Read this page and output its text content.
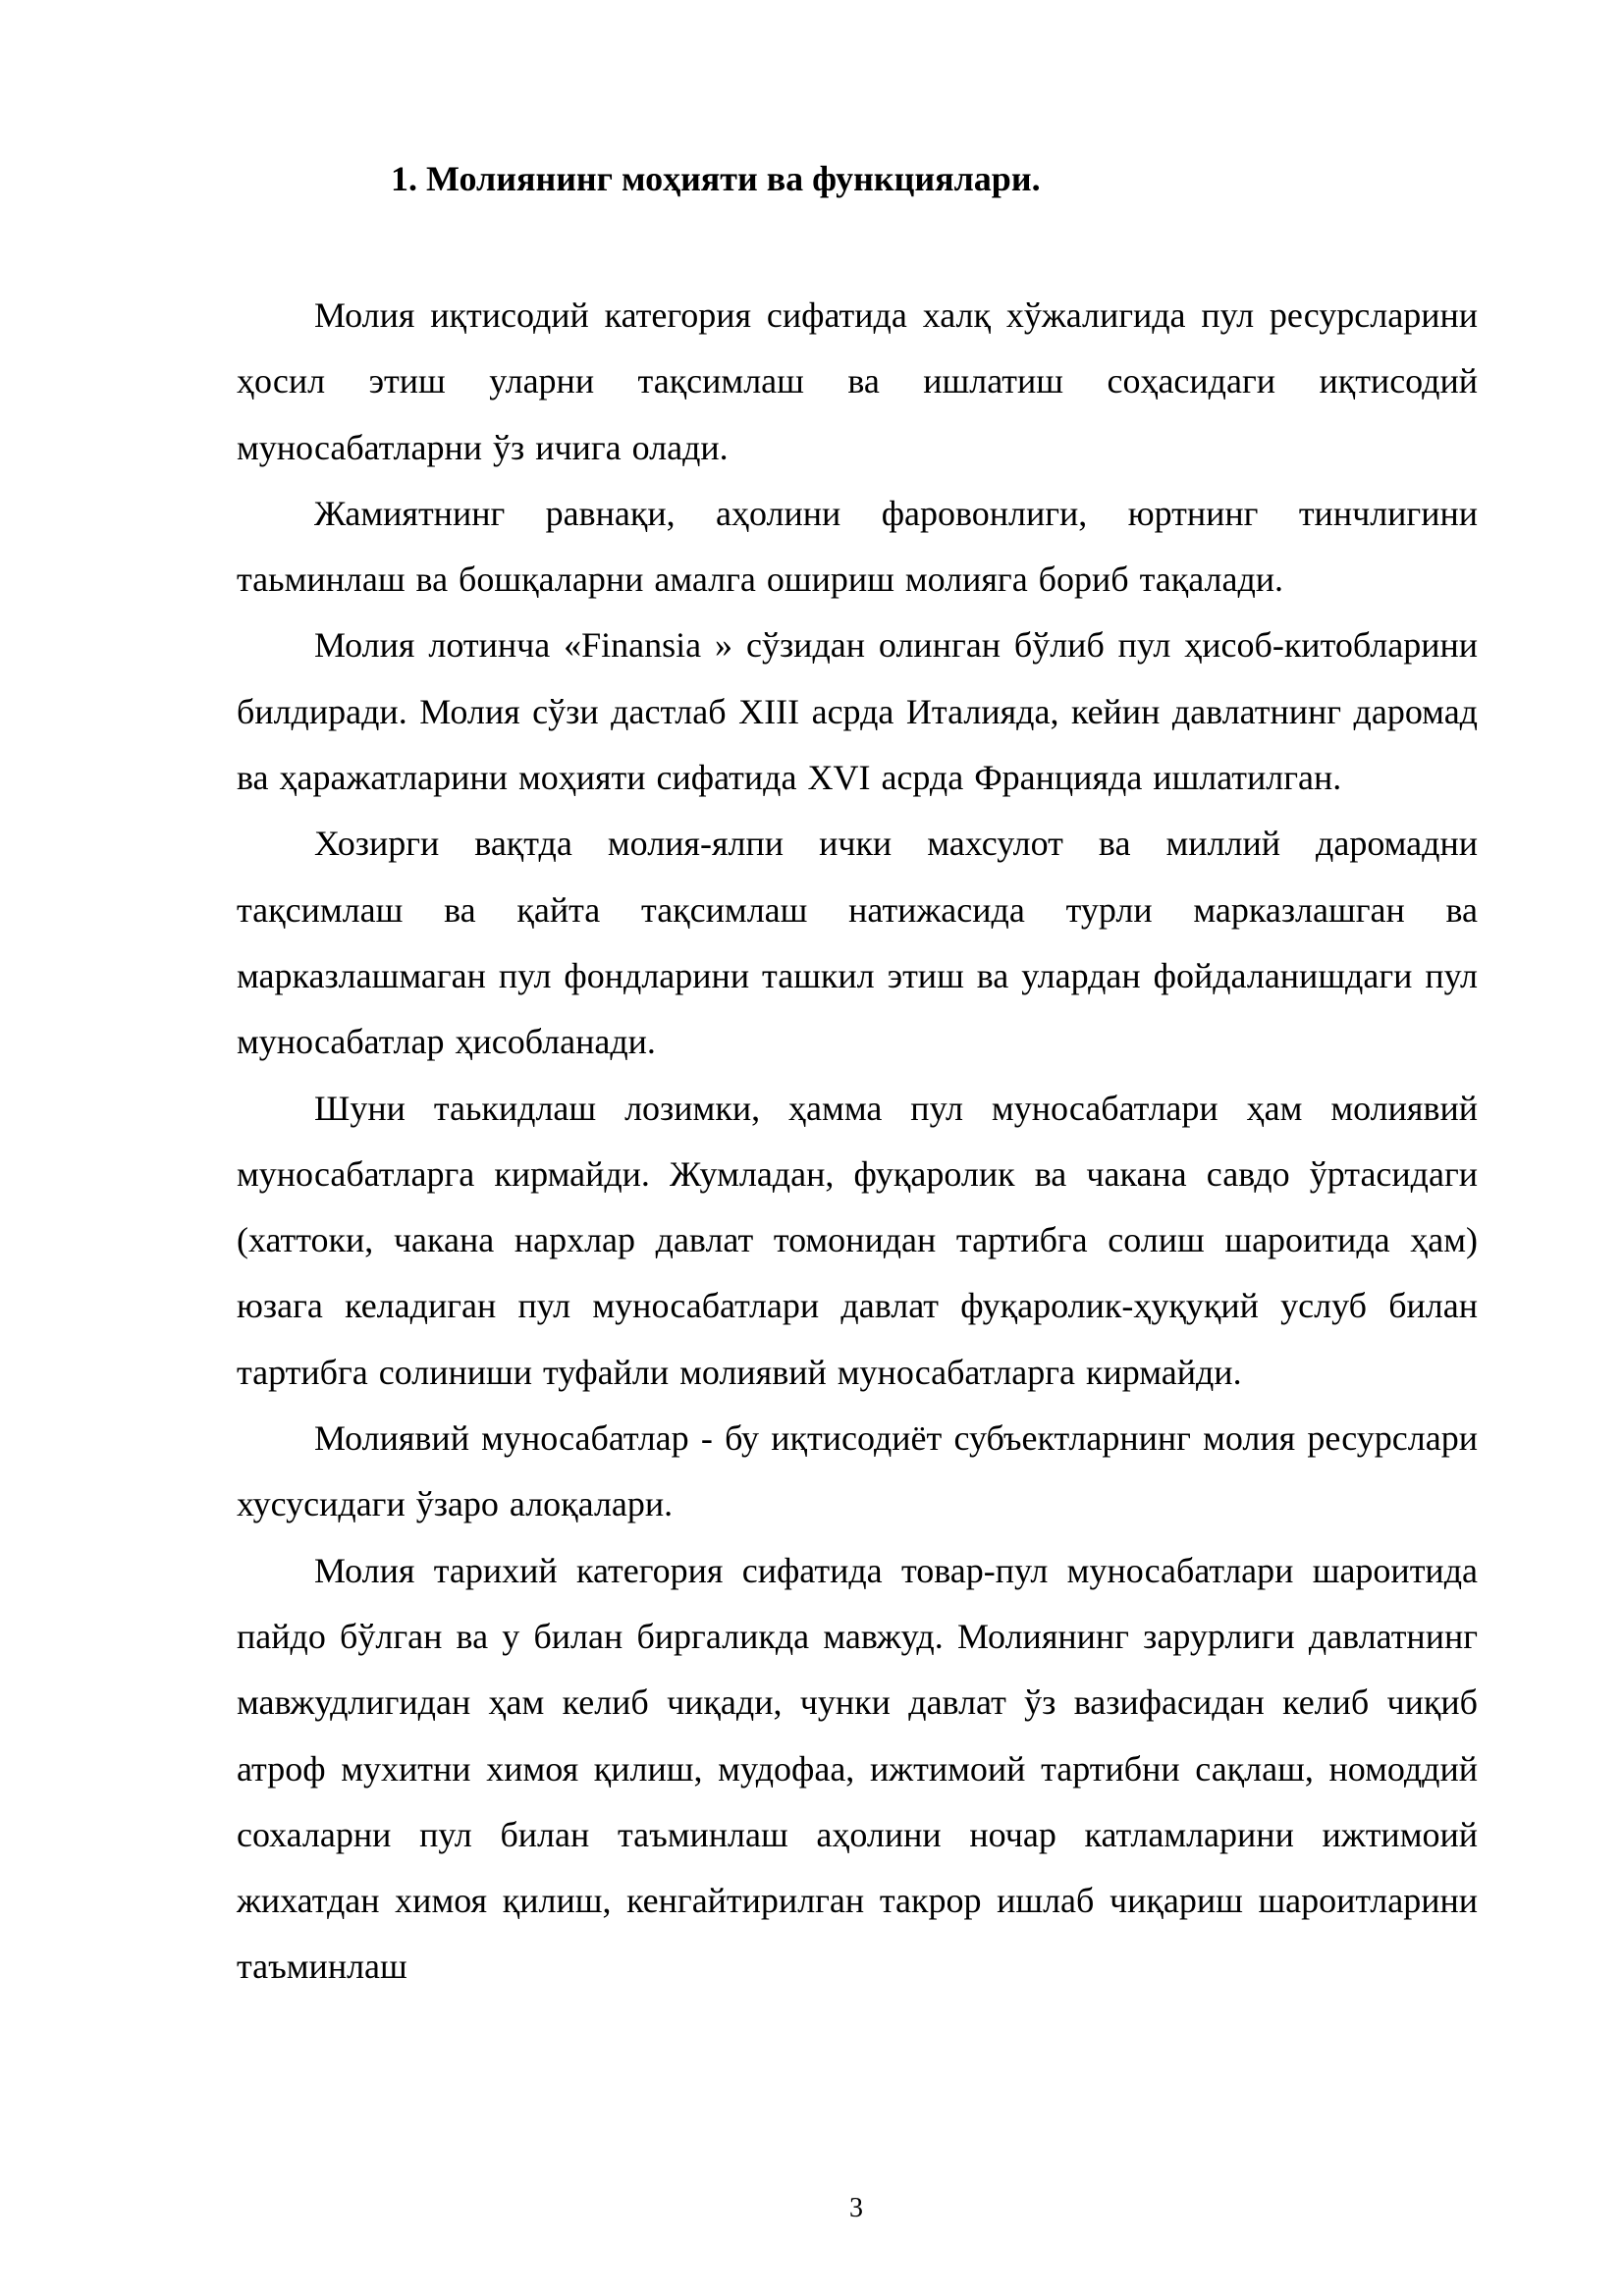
1. Молиянинг моҳияти ва функциялари.

Молия иқтисодий категория сифатида халқ хўжалигида пул ресурсларини ҳосил этиш уларни тақсимлаш ва ишлатиш соҳасидаги иқтисодий муносабатларни ўз ичига олади.

Жамиятнинг равнақи, аҳолини фаровонлиги, юртнинг тинчлигини таьминлаш ва бошқаларни амалга ошириш молияга бориб тақалади.

Молия лотинча «Finansia » сўзидан олинган бўлиб пул ҳисоб-китобларини билдиради. Молия сўзи дастлаб XIII асрда Италияда, кейин давлатнинг даромад ва ҳаражатларини моҳияти сифатида XVI асрда Францияда ишлатилган.

Хозирги вақтда молия-ялпи ички махсулот ва миллий даромадни тақсимлаш ва қайта тақсимлаш натижасида турли марказлашган ва марказлашмаган пул фондларини ташкил этиш ва улардан фойдаланишдаги пул муносабатлар ҳисобланади.

Шуни таькидлаш лозимки, ҳамма пул муносабатлари ҳам молиявий муносабатларга кирмайди. Жумладан, фуқаролик ва чакана савдо ўртасидаги (хаттоки, чакана нархлар давлат томонидан тартибга солиш шароитида ҳам) юзага келадиган пул муносабатлари давлат фуқаролик-ҳуқуқий услуб билан тартибга солиниши туфайли молиявий муносабатларга кирмайди.

Молиявий муносабатлар - бу иқтисодиёт субъектларнинг молия ресурслари хусусидаги ўзаро алоқалари.

Молия тарихий категория сифатида товар-пул муносабатлари шароитида пайдо бўлган ва у билан биргаликда мавжуд. Молиянинг зарурлиги давлатнинг мавжудлигидан ҳам келиб чиқади, чунки давлат ўз вазифасидан келиб чиқиб атроф мухитни химоя қилиш, мудофаа, ижтимоий тартибни сақлаш, номоддий сохаларни пул билан таъминлаш аҳолини ночар катламларини ижтимоий жихатдан химоя қилиш, кенгайтирилган такрор ишлаб чиқариш шароитларини таъминлаш

3
